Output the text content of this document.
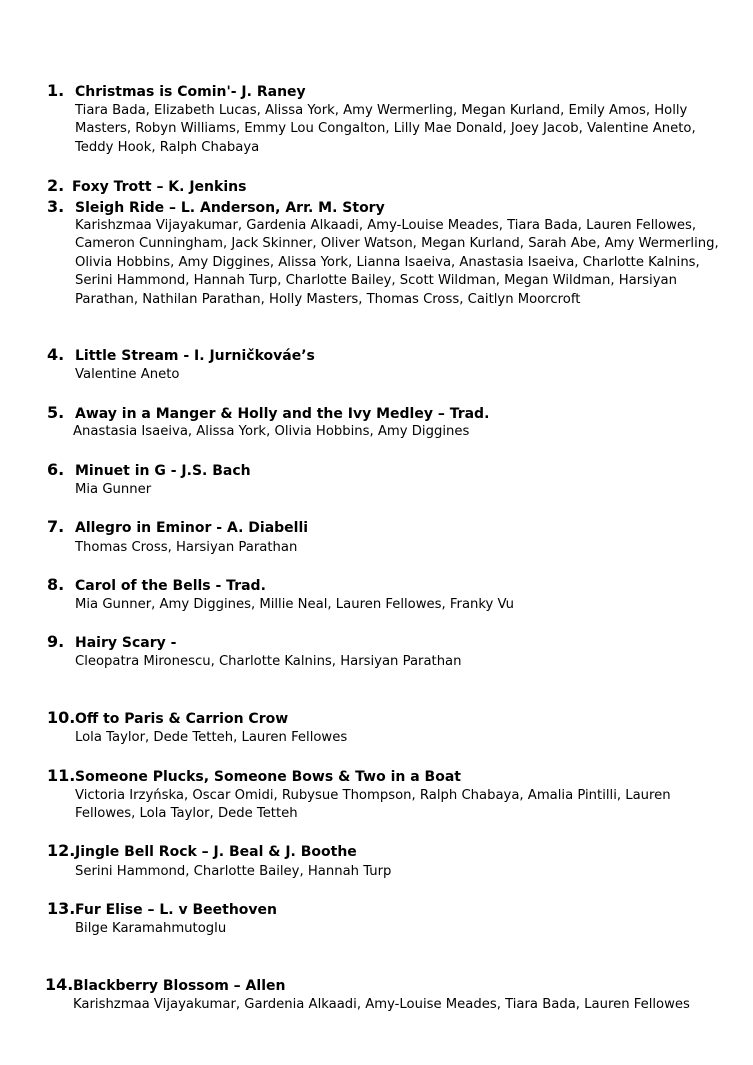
1. Christmas is Comin'- J. Raney
Tiara Bada, Elizabeth Lucas, Alissa York, Amy Wermerling, Megan Kurland, Emily Amos, Holly Masters, Robyn Williams, Emmy Lou Congalton, Lilly Mae Donald, Joey Jacob, Valentine Aneto, Teddy Hook, Ralph Chabaya
2. Foxy Trott – K. Jenkins
3. Sleigh Ride – L. Anderson, Arr. M. Story
Karishzmaa Vijayakumar, Gardenia Alkaadi, Amy-Louise Meades, Tiara Bada, Lauren Fellowes, Cameron Cunningham, Jack Skinner, Oliver Watson, Megan Kurland, Sarah Abe, Amy Wermerling, Olivia Hobbins, Amy Diggines, Alissa York, Lianna Isaeiva, Anastasia Isaeiva, Charlotte Kalnins, Serini Hammond, Hannah Turp, Charlotte Bailey, Scott Wildman, Megan Wildman, Harsiyan Parathan, Nathilan Parathan, Holly Masters, Thomas Cross, Caitlyn Moorcroft
4. Little Stream - I. Jurničkováe’s
Valentine Aneto
5. Away in a Manger & Holly and the Ivy Medley – Trad.
Anastasia Isaeiva, Alissa York, Olivia Hobbins, Amy Diggines
6. Minuet in G - J.S. Bach
Mia Gunner
7. Allegro in Eminor - A. Diabelli
Thomas Cross, Harsiyan Parathan
8. Carol of the Bells - Trad.
Mia Gunner, Amy Diggines, Millie Neal, Lauren Fellowes, Franky Vu
9. Hairy Scary -
Cleopatra Mironescu, Charlotte Kalnins, Harsiyan Parathan
10. Off to Paris & Carrion Crow
Lola Taylor, Dede Tetteh, Lauren Fellowes
11. Someone Plucks, Someone Bows & Two in a Boat
Victoria Irzyńska, Oscar Omidi, Rubysue Thompson, Ralph Chabaya, Amalia Pintilli, Lauren Fellowes, Lola Taylor, Dede Tetteh
12. Jingle Bell Rock – J. Beal & J. Boothe
Serini Hammond, Charlotte Bailey, Hannah Turp
13. Fur Elise – L. v Beethoven
Bilge Karamahmutoglu
14. Blackberry Blossom – Allen
Karishzmaa Vijayakumar, Gardenia Alkaadi, Amy-Louise Meades, Tiara Bada, Lauren Fellowes
